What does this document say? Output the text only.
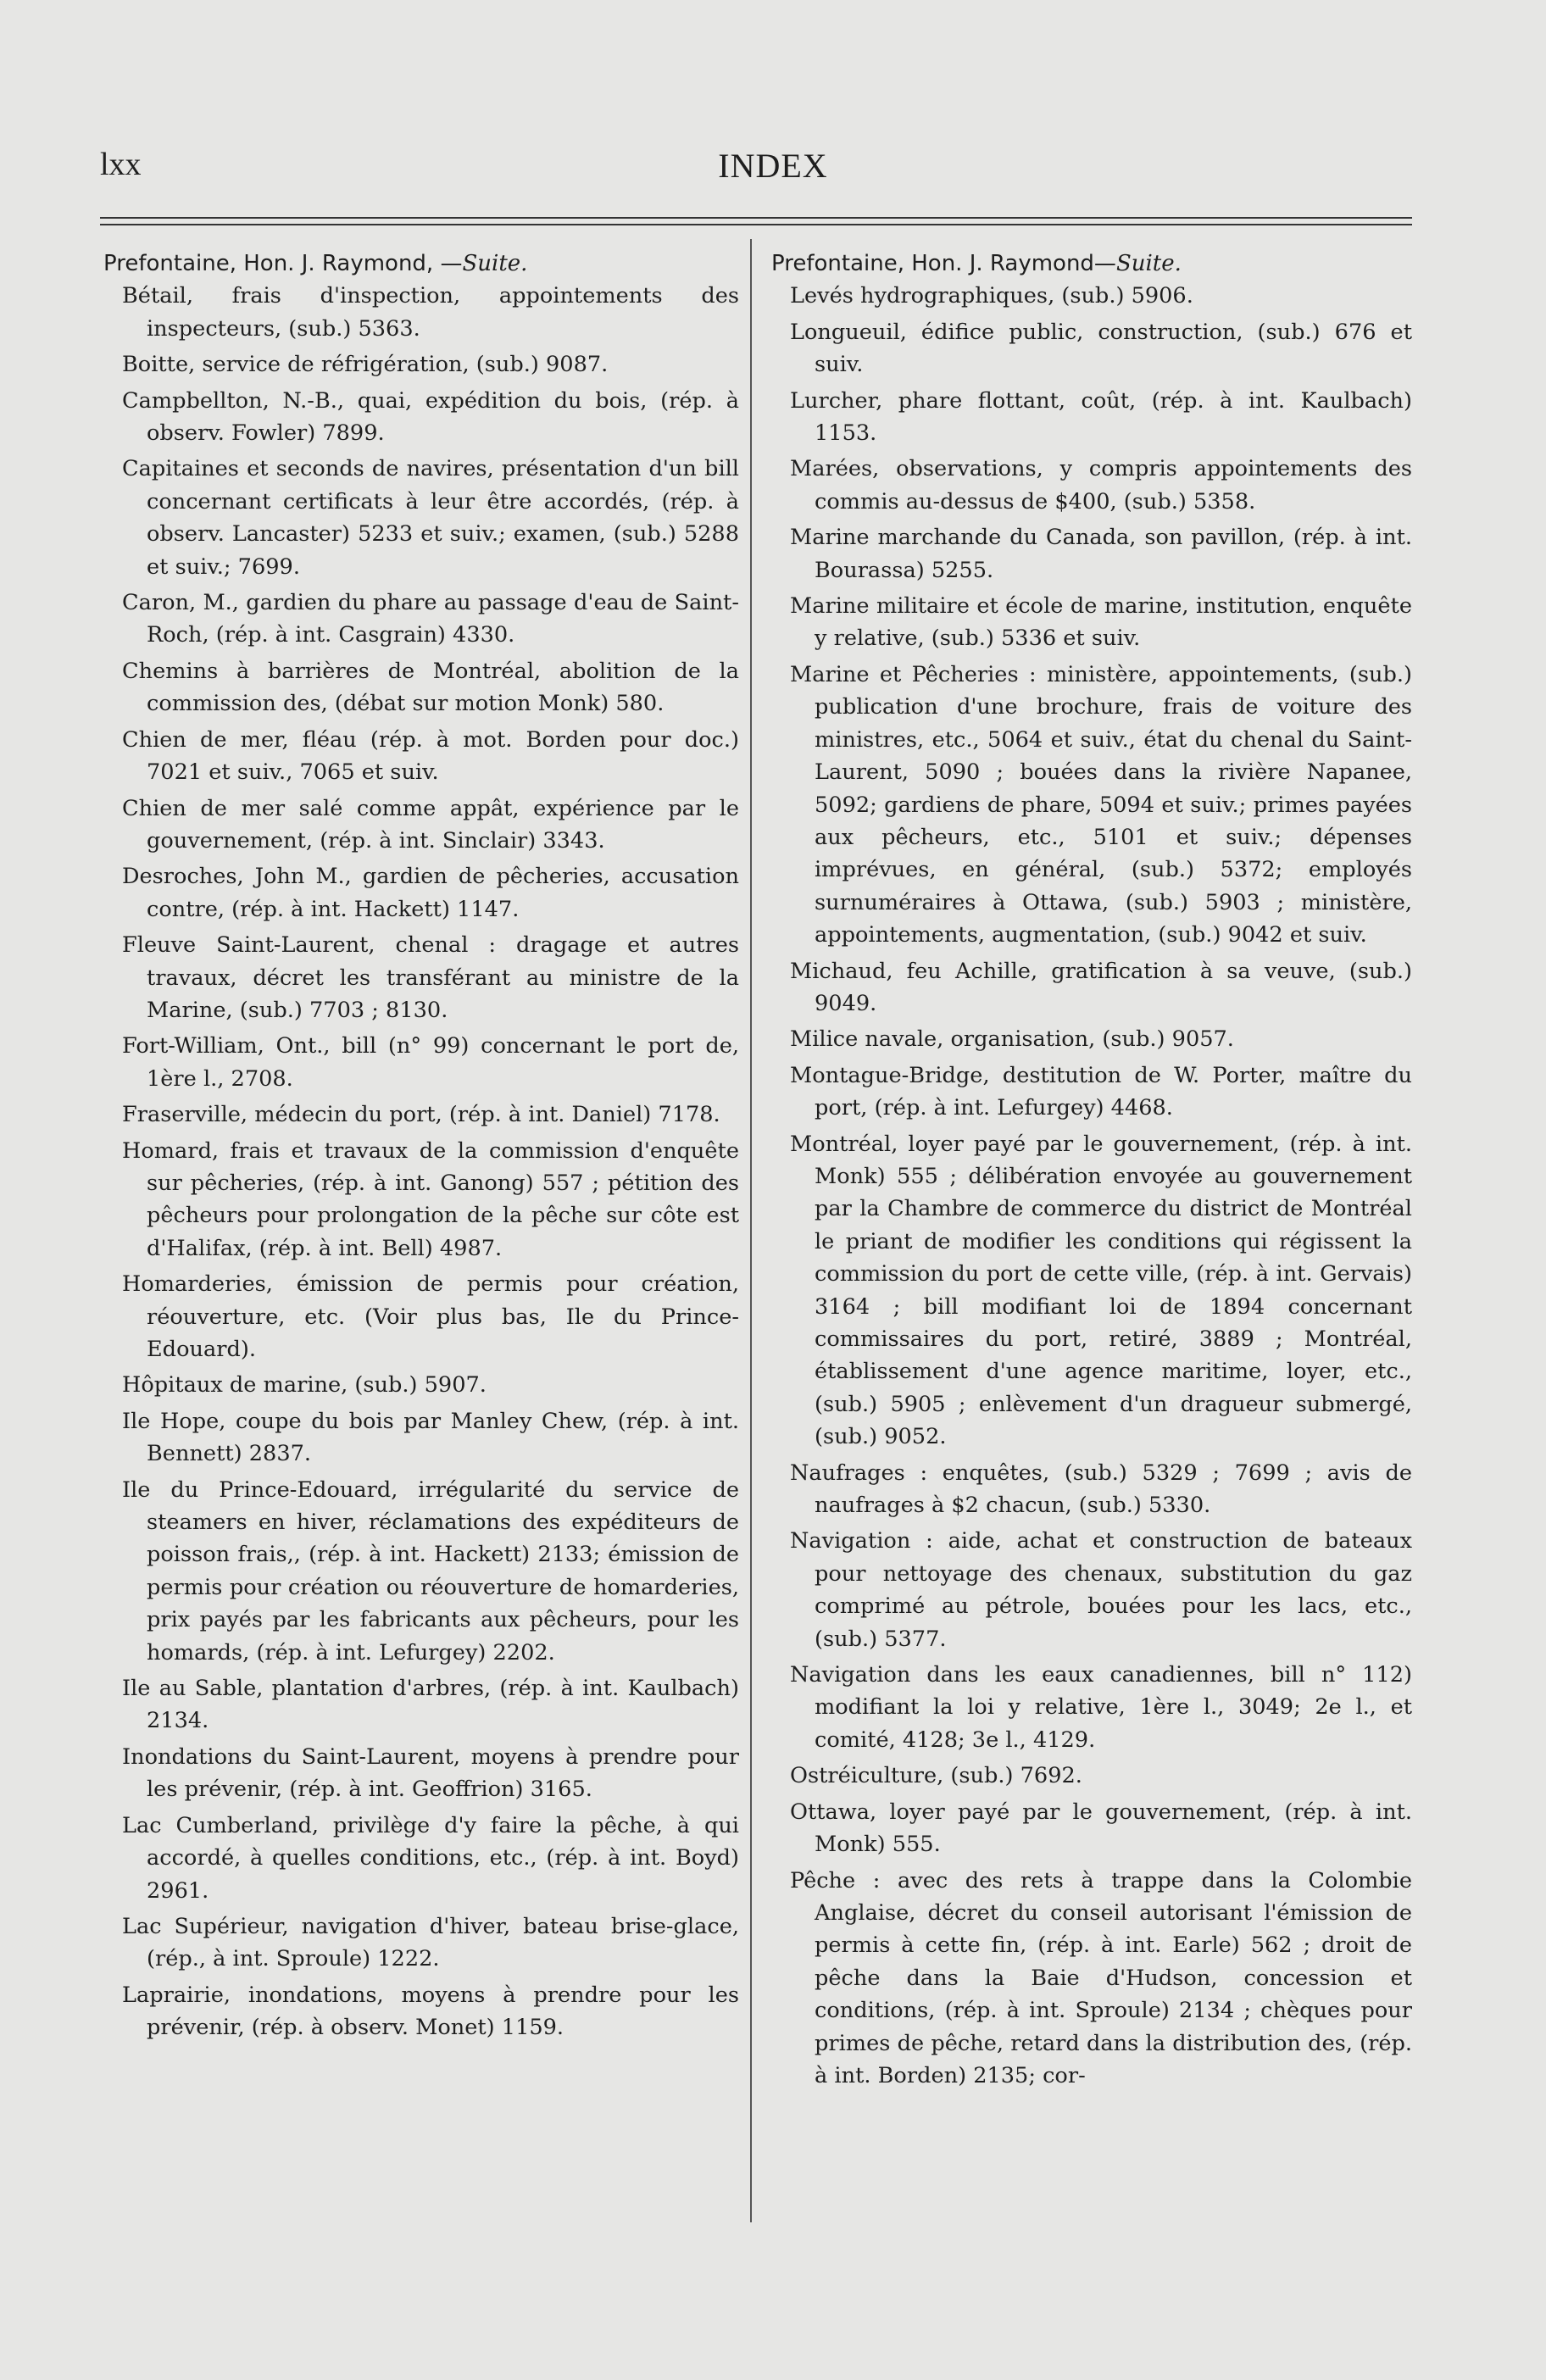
lxx	INDEX
Prefontaine, Hon. J. Raymond, —Suite.
Bétail, frais d'inspection, appointements des inspecteurs, (sub.) 5363.
Boitte, service de réfrigération, (sub.) 9087.
Campbellton, N.-B., quai, expédition du bois, (rép. à observ. Fowler) 7899.
Capitaines et seconds de navires, présentation d'un bill concernant certificats à leur être accordés, (rép. à observ. Lancaster) 5233 et suiv.; examen, (sub.) 5288 et suiv.; 7699.
Caron, M., gardien du phare au passage d'eau de Saint-Roch, (rép. à int. Casgrain) 4330.
Chemins à barrières de Montréal, abolition de la commission des, (débat sur motion Monk) 580.
Chien de mer, fléau (rép. à mot. Borden pour doc.) 7021 et suiv., 7065 et suiv.
Chien de mer salé comme appât, expérience par le gouvernement, (rép. à int. Sinclair) 3343.
Desroches, John M., gardien de pêcheries, accusation contre, (rép. à int. Hackett) 1147.
Fleuve Saint-Laurent, chenal : dragage et autres travaux, décret les transférant au ministre de la Marine, (sub.) 7703 ; 8130.
Fort-William, Ont., bill (n° 99) concernant le port de, 1ère l., 2708.
Fraserville, médecin du port, (rép. à int. Daniel) 7178.
Homard, frais et travaux de la commission d'enquête sur pêcheries, (rép. à int. Ganong) 557 ; pétition des pêcheurs pour prolongation de la pêche sur côte est d'Halifax, (rép. à int. Bell) 4987.
Homarderies, émission de permis pour création, réouverture, etc. (Voir plus bas, Ile du Prince-Edouard).
Hôpitaux de marine, (sub.) 5907.
Ile Hope, coupe du bois par Manley Chew, (rép. à int. Bennett) 2837.
Ile du Prince-Edouard, irrégularité du service de steamers en hiver, réclamations des expéditeurs de poisson frais,, (rép. à int. Hackett) 2133; émission de permis pour création ou réouverture de homarderies, prix payés par les fabricants aux pêcheurs, pour les homards, (rép. à int. Lefurgey) 2202.
Ile au Sable, plantation d'arbres, (rép. à int. Kaulbach) 2134.
Inondations du Saint-Laurent, moyens à prendre pour les prévenir, (rép. à int. Geoffrion) 3165.
Lac Cumberland, privilège d'y faire la pêche, à qui accordé, à quelles conditions, etc., (rép. à int. Boyd) 2961.
Lac Supérieur, navigation d'hiver, bateau brise-glace, (rép., à int. Sproule) 1222.
Laprairie, inondations, moyens à prendre pour les prévenir, (rép. à observ. Monet) 1159.
Prefontaine, Hon. J. Raymond—Suite.
Levés hydrographiques, (sub.) 5906.
Longueuil, édifice public, construction, (sub.) 676 et suiv.
Lurcher, phare flottant, coût, (rép. à int. Kaulbach) 1153.
Marées, observations, y compris appointements des commis au-dessus de $400, (sub.) 5358.
Marine marchande du Canada, son pavillon, (rép. à int. Bourassa) 5255.
Marine militaire et école de marine, institution, enquête y relative, (sub.) 5336 et suiv.
Marine et Pêcheries : ministère, appointements, (sub.) publication d'une brochure, frais de voiture des ministres, etc., 5064 et suiv., état du chenal du Saint-Laurent, 5090 ; bouées dans la rivière Napanee, 5092; gardiens de phare, 5094 et suiv.; primes payées aux pêcheurs, etc., 5101 et suiv.; dépenses imprévues, en général, (sub.) 5372; employés surnuméraires à Ottawa, (sub.) 5903 ; ministère, appointements, augmentation, (sub.) 9042 et suiv.
Michaud, feu Achille, gratification à sa veuve, (sub.) 9049.
Milice navale, organisation, (sub.) 9057.
Montague-Bridge, destitution de W. Porter, maître du port, (rép. à int. Lefurgey) 4468.
Montréal, loyer payé par le gouvernement, (rép. à int. Monk) 555 ; délibération envoyée au gouvernement par la Chambre de commerce du district de Montréal le priant de modifier les conditions qui régissent la commission du port de cette ville, (rép. à int. Gervais) 3164 ; bill modifiant loi de 1894 concernant commissaires du port, retiré, 3889 ; Montréal, établissement d'une agence maritime, loyer, etc., (sub.) 5905 ; enlèvement d'un dragueur submergé, (sub.) 9052.
Naufrages : enquêtes, (sub.) 5329 ; 7699 ; avis de naufrages à $2 chacun, (sub.) 5330.
Navigation : aide, achat et construction de bateaux pour nettoyage des chenaux, substitution du gaz comprimé au pétrole, bouées pour les lacs, etc., (sub.) 5377.
Navigation dans les eaux canadiennes, bill n° 112) modifiant la loi y relative, 1ère l., 3049; 2e l., et comité, 4128; 3e l., 4129.
Ostréiculture, (sub.) 7692.
Ottawa, loyer payé par le gouvernement, (rép. à int. Monk) 555.
Pêche : avec des rets à trappe dans la Colombie Anglaise, décret du conseil autorisant l'émission de permis à cette fin, (rép. à int. Earle) 562 ; droit de pêche dans la Baie d'Hudson, concession et conditions, (rép. à int. Sproule) 2134 ; chèques pour primes de pêche, retard dans la distribution des, (rép. à int. Borden) 2135; cor-
